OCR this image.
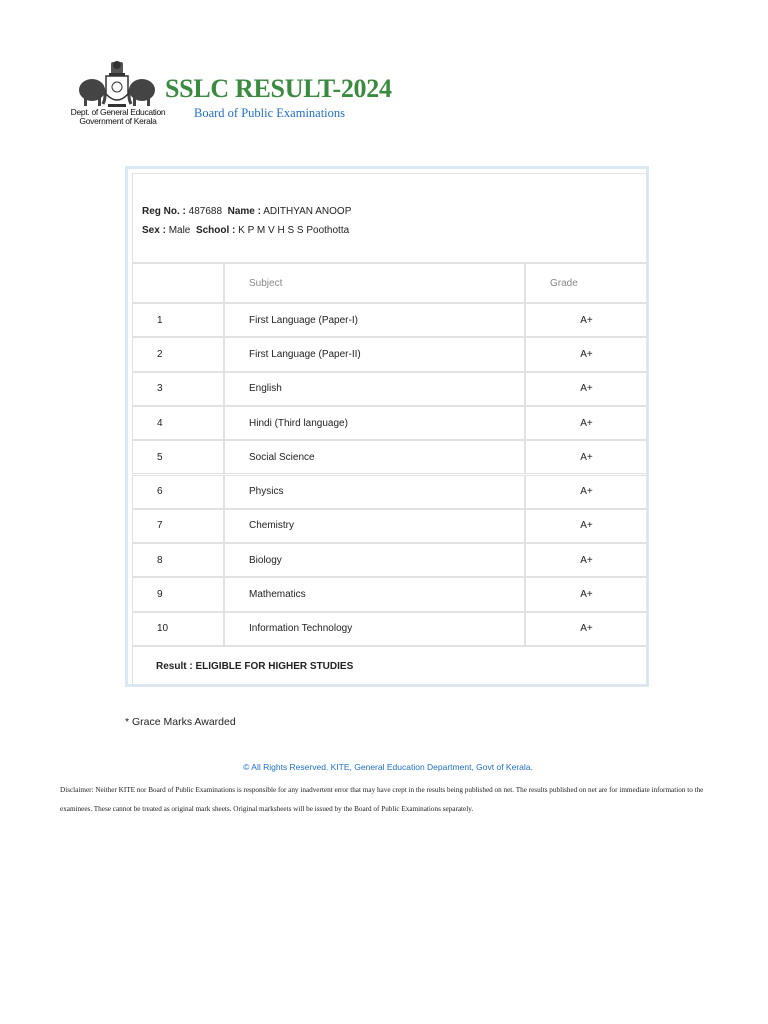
Dept. of General Education
Government of Kerala
SSLC RESULT-2024
Board of Public Examinations
Reg No. : 487688 Name : ADITHYAN ANOOP
Sex : Male School : K P M V H S S Poothotta
Subject	Grade
1	First Language (Paper-I)	A+
2	First Language (Paper-II)	A+
3	English	A+
4	Hindi (Third language)	A+
5	Social Science	A+
6	Physics	A+
7	Chemistry	A+
8	Biology	A+
9	Mathematics	A+
10	Information Technology	A+
Result :
ELIGIBLE FOR HIGHER STUDIES
* Grace Marks Awarded
© All Rights Reserved. KITE, General Education Department, Govt of Kerala.
Disclaimer: Neither KITE nor Board of Public Examinations is responsible for any inadvertent error that may have crept in the results being published on net. The results published on net are for immediate information to the examinees. These cannot be treated as original mark sheets. Original marksheets will be issued by the Board of Public Examinations separately.
